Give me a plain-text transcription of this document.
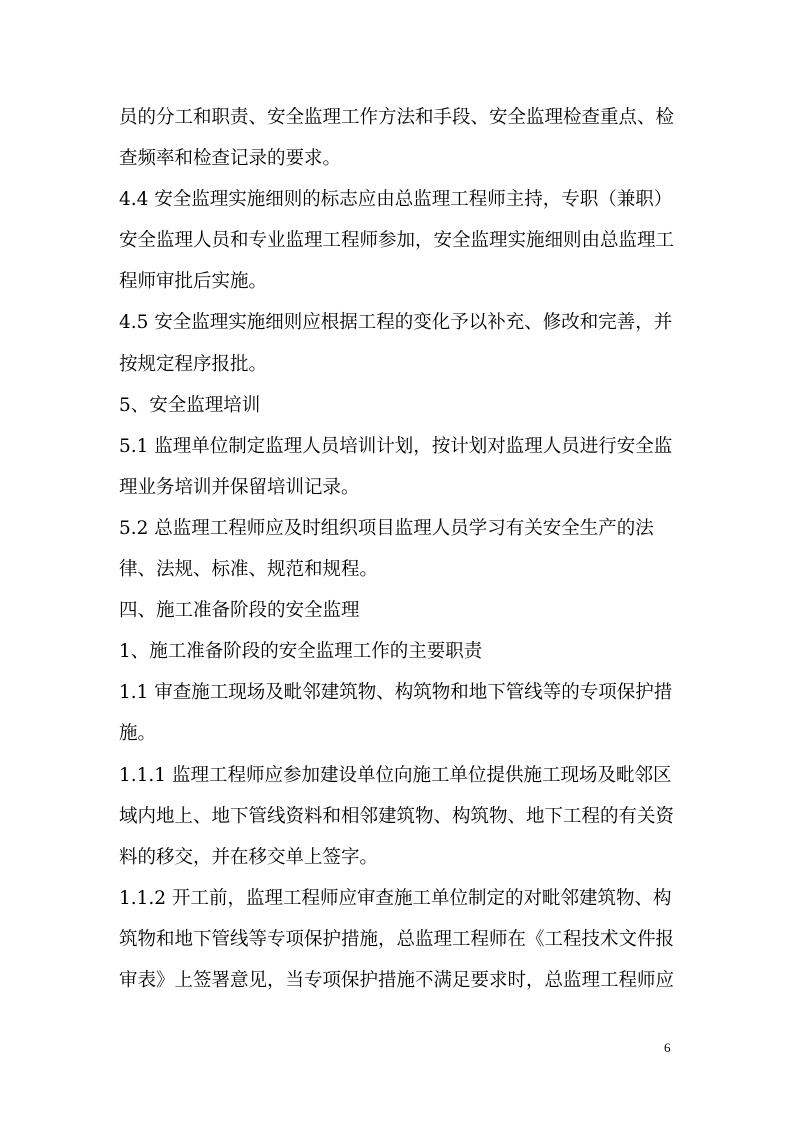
员的分工和职责、安全监理工作方法和手段、安全监理检查重点、检
查频率和检查记录的要求。
4.4 安全监理实施细则的标志应由总监理工程师主持，专职（兼职）
安全监理人员和专业监理工程师参加，安全监理实施细则由总监理工
程师审批后实施。
4.5 安全监理实施细则应根据工程的变化予以补充、修改和完善，并
按规定程序报批。
5、安全监理培训
5.1 监理单位制定监理人员培训计划，按计划对监理人员进行安全监
理业务培训并保留培训记录。
5.2 总监理工程师应及时组织项目监理人员学习有关安全生产的法
律、法规、标准、规范和规程。
四、施工准备阶段的安全监理
1、施工准备阶段的安全监理工作的主要职责
1.1 审查施工现场及毗邻建筑物、构筑物和地下管线等的专项保护措
施。
1.1.1 监理工程师应参加建设单位向施工单位提供施工现场及毗邻区
域内地上、地下管线资料和相邻建筑物、构筑物、地下工程的有关资
料的移交，并在移交单上签字。
1.1.2 开工前，监理工程师应审查施工单位制定的对毗邻建筑物、构
筑物和地下管线等专项保护措施，总监理工程师在《工程技术文件报
审表》上签署意见，当专项保护措施不满足要求时，总监理工程师应
6
